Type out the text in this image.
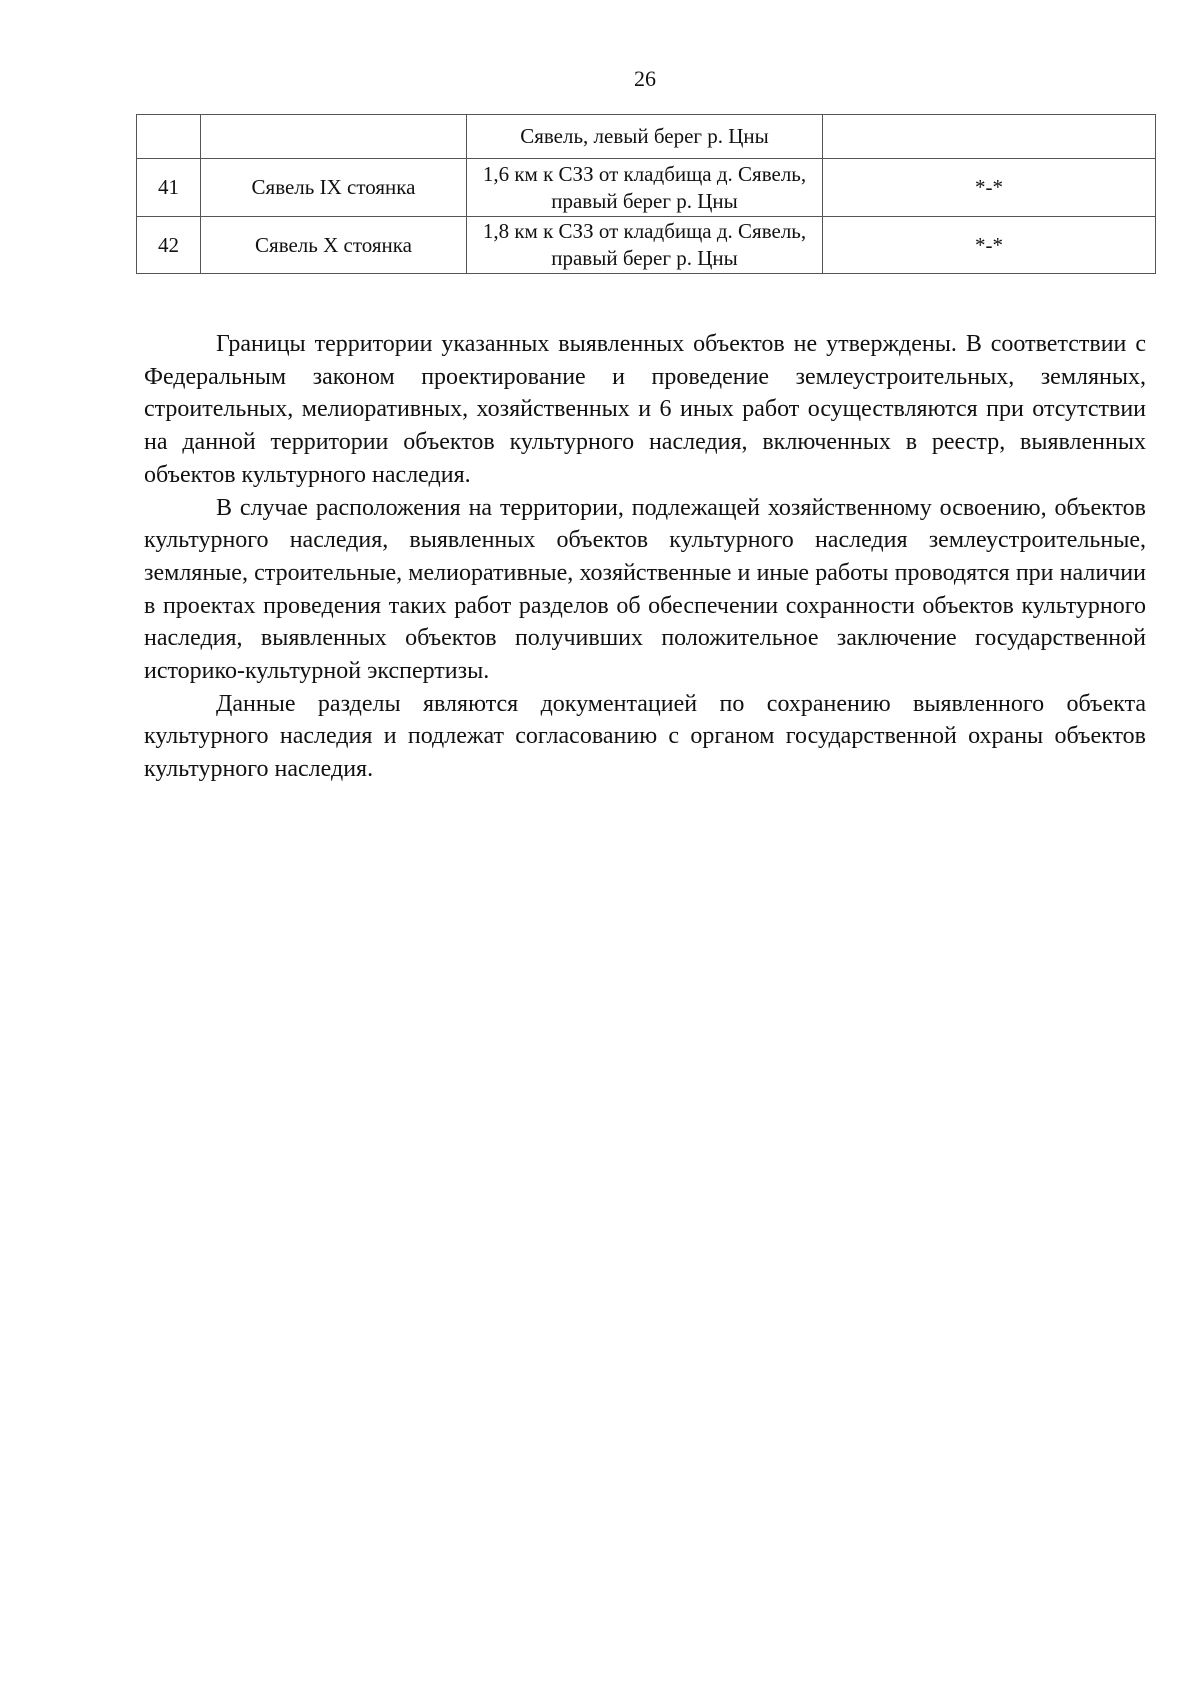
26
		Сявель, левый берег р. Цны	
41	Сявель IX стоянка	1,6 км к СЗЗ от кладбища д. Сявель, правый берег р. Цны	*-*
42	Сявель X стоянка	1,8 км к СЗЗ от кладбища д. Сявель, правый берег р. Цны	*-*

Границы территории указанных выявленных объектов не утверждены. В соответствии с Федеральным законом проектирование и проведение землеустроительных, земляных, строительных, мелиоративных, хозяйственных и 6 иных работ осуществляются при отсутствии на данной территории объектов культурного наследия, включенных в реестр, выявленных объектов культурного наследия.

В случае расположения на территории, подлежащей хозяйственному освоению, объектов культурного наследия, выявленных объектов культурного наследия землеустроительные, земляные, строительные, мелиоративные, хозяйственные и иные работы проводятся при наличии в проектах проведения таких работ разделов об обеспечении сохранности объектов культурного наследия, выявленных объектов получивших положительное заключение государственной историко-культурной экспертизы.

Данные разделы являются документацией по сохранению выявленного объекта культурного наследия и подлежат согласованию с органом государственной охраны объектов культурного наследия.
